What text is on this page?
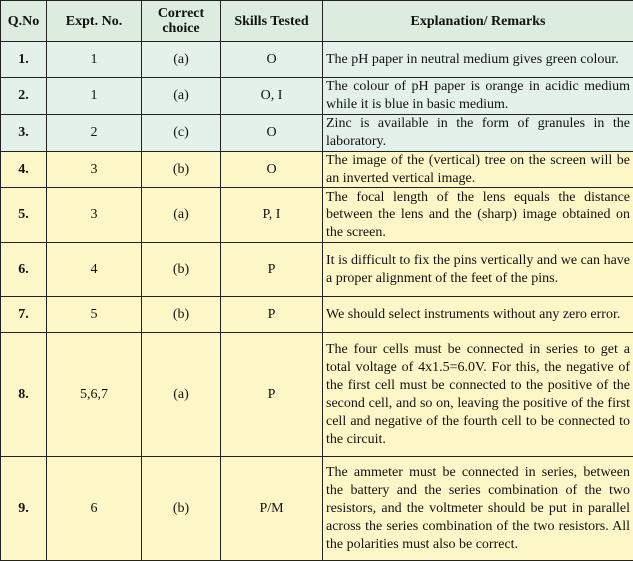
Q.No	Expt. No.	Correct choice	Skills Tested	Explanation/ Remarks
1.	1	(a)	O	The pH paper in neutral medium gives green colour.
2.	1	(a)	O, I	The colour of pH paper is orange in acidic medium while it is blue in basic medium.
3.	2	(c)	O	Zinc is available in the form of granules in the laboratory.
4.	3	(b)	O	The image of the (vertical) tree on the screen will be an inverted vertical image.
5.	3	(a)	P, I	The focal length of the lens equals the distance between the lens and the (sharp) image obtained on the screen.
6.	4	(b)	P	It is difficult to fix the pins vertically and we can have a proper alignment of the feet of the pins.
7.	5	(b)	P	We should select instruments without any zero error.
8.	5,6,7	(a)	P	The four cells must be connected in series to get a total voltage of 4x1.5=6.0V. For this, the negative of the first cell must be connected to the positive of the second cell, and so on, leaving the positive of the first cell and negative of the fourth cell to be connected to the circuit.
9.	6	(b)	P/M	The ammeter must be connected in series, between the battery and the series combination of the two resistors, and the voltmeter should be put in parallel across the series combination of the two resistors. All the polarities must also be correct.
